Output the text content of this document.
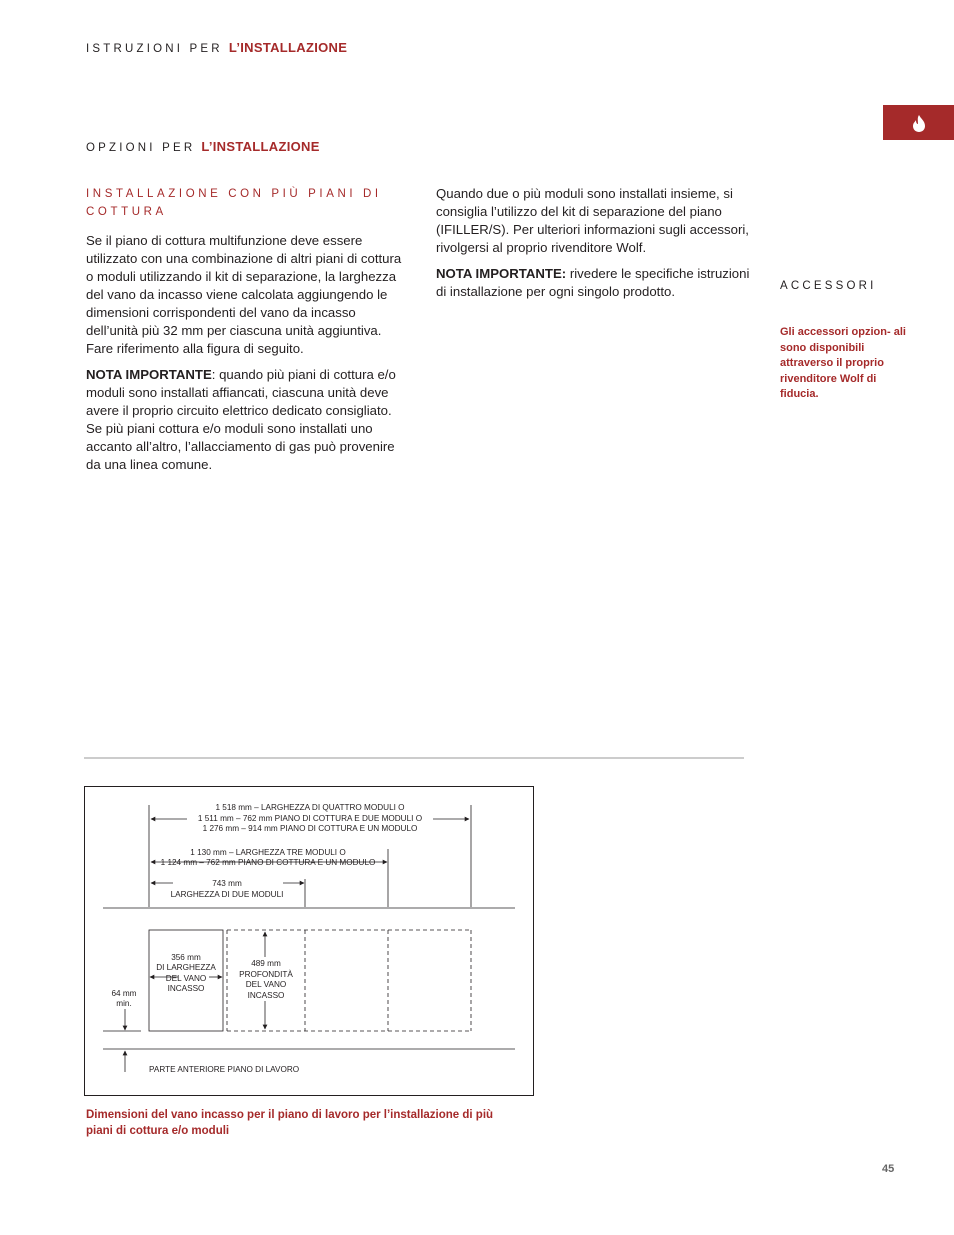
ISTRUZIONI PER L’INSTALLAZIONE
OPZIONI PER L’INSTALLAZIONE
INSTALLAZIONE CON PIÙ PIANI DI COTTURA

Se il piano di cottura multifunzione deve essere utilizzato con una combinazione di altri piani di cottura o moduli utilizzando il kit di separazione, la larghezza del vano da incasso viene calcolata aggiungendo le dimensioni corrispondenti del vano da incasso dell’unità più 32 mm per ciascuna unità aggiuntiva. Fare riferimento alla figura di seguito.

NOTA IMPORTANTE: quando più piani di cottura e/o moduli sono installati affiancati, ciascuna unità deve avere il proprio circuito elettrico dedicato consigliato. Se più piani cottura e/o moduli sono installati uno accanto all’altro, l’allacciamento di gas può provenire da una linea comune.

Quando due o più moduli sono installati insieme, si consiglia l’utilizzo del kit di separazione del piano (IFILLER/S). Per ulteriori informazioni sugli accessori, rivolgersi al proprio rivenditore Wolf.

NOTA IMPORTANTE: rivedere le specifiche istruzioni di installazione per ogni singolo prodotto.	ACCESSORI
Gli accessori opzion- ali sono disponibili attraverso il proprio rivenditore Wolf di fiducia.
1 518 mm – LARGHEZZA DI QUATTRO MODULI O
1 511 mm – 762 mm PIANO DI COTTURA E DUE MODULI O
1 276 mm – 914 mm PIANO DI COTTURA E UN MODULO
1 130 mm – LARGHEZZA TRE MODULI O
1 124 mm – 762 mm PIANO DI COTTURA E UN MODULO
743 mm
LARGHEZZA DI DUE MODULI
356 mm
DI LARGHEZZA
DEL VANO
INCASSO
489 mm
PROFONDITÀ
DEL VANO
INCASSO
64 mm
min.
PARTE ANTERIORE PIANO DI LAVORO
Dimensioni del vano incasso per il piano di lavoro per l’installazione di più piani di cottura e/o moduli
45
